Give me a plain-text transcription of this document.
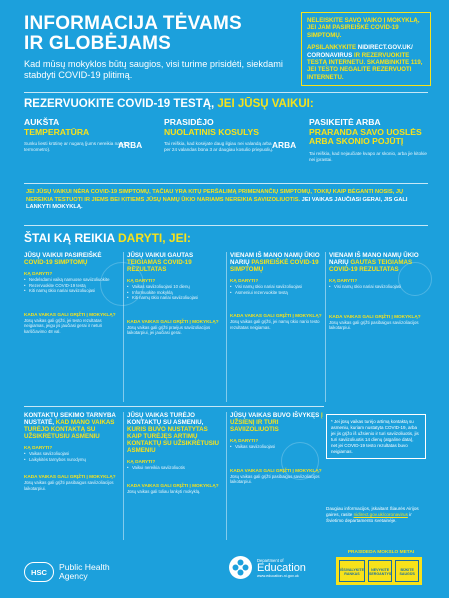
INFORMACIJA TĖVAMS
IR GLOBĖJAMS
Kad mūsų mokyklos būtų saugios, visi turime prisidėti, siekdami stabdyti COVID-19 plitimą.
NELEISKITE SAVO VAIKO Į MOKYKLĄ, JEI JAM PASIREIŠKĖ COVID-19 SIMPTOMŲ.
APSILANKYKITE NIDIRECT.GOV.UK/ CORONAVIRUS IR REZERVUOKITE TESTĄ INTERNETU. SKAMBINKITE 119, JEI TESTO NEGALITE REZERVUOTI INTERNETU.
REZERVUOKITE COVID-19 TESTĄ, JEI JŪSŲ VAIKUI:
AUKŠTA
TEMPERATŪRA
Sunku liesti krūtinę ar nugarą (jums nereikia naudoti termometro).	ARBA
PRASIDĖJO
NUOLATINIS KOSULYS
Tai reiškia, kad kosėjate daug ilgiau nei valandą arba per 24 valandas būna 3 ar daugiau kosulio priepuolių.
ARBA
PASIKEITĖ ARBA
PRARANDA SAVO UOSLĖS ARBA SKONIO POJŪTĮ
Tai reiškia, kad nejaučiate kvapo ar skonio, arba jie kitokie nei įprastai.
JEI JŪSŲ VAIKUI NĖRA COVID-19 SIMPTOMŲ, TAČIAU YRA KITŲ PERŠALIMĄ PRIMENANČIŲ SIMPTOMŲ, TOKIŲ KAIP BĖGANTI NOSIS, JŲ NEREIKIA TESTUOTI IR JIEMS BEI KITIEMS JŪSŲ NAMŲ ŪKIO NARIAMS NEREIKIA SAVIIZOLIUOTIS. JEI VAIKAS JAUČIASI GERAI, JIS GALI LANKYTI MOKYKLĄ.
ŠTAI KĄ REIKIA DARYTI, JEI:
JŪSŲ VAIKUI PASIREIŠKĖ COVID-19 SIMPTOMŲ
KĄ DARYTI?
• Nedelsdami vaiką namuose saviizoliuokite
• Rezervuokite COVID-19 testą
• Kiti namų ūkio nariai saviizoliuojasi
KADA VAIKAS GALI GRĮŽTI Į MOKYKLĄ?
Jūsų vaikas gali grįžti, jei testo rezultatas neigiamas, jeigu jis jaučiasi gerai ir neturi karščiavimo 48 val.
JŪSŲ VAIKUI GAUTAS TEIGIAMAS COVID-19 REZULTATAS
KĄ DARYTI?
• Vaikas saviizoliuojasi 10 dienų
• Informuokite mokyklą
• Kiti namų ūkio nariai saviizoliuojasi
KADA VAIKAS GALI GRĮŽTI Į MOKYKLĄ?
Jūsų vaikas gali grįžti praėjus saviizoliacijos laikotarpiui, jei jaučiasi gerai.
VIENAM IŠ MANO NAMŲ ŪKIO NARIŲ PASIREIŠKĖ COVID-19 SIMPTOMŲ
KĄ DARYTI?
• Visi namų ūkio nariai saviizoliuojasi
• Asmeniui rezervuokite testą
KADA VAIKAS GALI GRĮŽTI Į MOKYKLĄ?
Jūsų vaikas gali grįžti, jei namų ūkio nario testo rezultatas neigiamas.
VIENAM IŠ MANO NAMŲ ŪKIO NARIŲ GAUTAS TEIGIAMAS COVID-19 REZULTATAS
KĄ DARYTI?
• Visi namų ūkio nariai saviizoliuojasi
KADA VAIKAS GALI GRĮŽTI Į MOKYKLĄ?
Jūsų vaikas gali grįžti pasibaigus saviizoliacijos laikotarpiui.
KONTAKTŲ SEKIMO TARNYBA NUSTATĖ, KAD MANO VAIKAS TURĖJO KONTAKTĄ SU UŽSIKRĖTUSIU ASMENIU
KĄ DARYTI?
• Vaikas saviizoliuojasi
• Laikykitės tarnybos nurodymų
KADA VAIKAS GALI GRĮŽTI Į MOKYKLĄ?
Jūsų vaikas gali grįžti pasibaigus saviizoliacijos laikotarpiui.
JŪSŲ VAIKAS TURĖJO KONTAKTŲ SU ASMENIU, KURIS BUVO NUSTATYTAS KAIP TURĖJĘS ARTIMŲ KONTAKTŲ SU UŽSIKRĖTUSIU ASMENIU
KĄ DARYTI?
• Vaikui nereikia saviizoliuotis
KADA VAIKAS GALI GRĮŽTI Į MOKYKLĄ?
Jūsų vaikas gali toliau lankyti mokyklą.
JŪSŲ VAIKAS BUVO IŠVYKĘS Į UŽSIENĮ IR TURI SAVIIZOLIUOTIS
KĄ DARYTI?
• Vaikas saviizoliuojasi
KADA VAIKAS GALI GRĮŽTI Į MOKYKLĄ?
Jūsų vaikas gali grįžti pasibaigus saviizoliacijos laikotarpiui.
* Jei jūsų vaikas turėjo artimą kontaktą su asmeniu, kuriam nustatyta COVID-19, arba jei jis grįžo iš užsienio ir turi saviizoliuotis, jis turi saviizoliuotis 14 dienų (atgaline data), net jei COVID-19 testo rezultatas buvo neigiamas.
Daugiau informacijos, įskaitant Šiaurės Airijos gaires, rasite nidirect.gov.uk/coronavirus ir Švietimo departamento svetainėje.
PRASIDEDA MOKSLO METAI
IŠSIVALYKITE RANKAS
NEVYKITE SERGANTYS
BŪKITE SAUGŪS
HSC
Public Health
Agency
Department of
Education
www.education-ni.gov.uk
